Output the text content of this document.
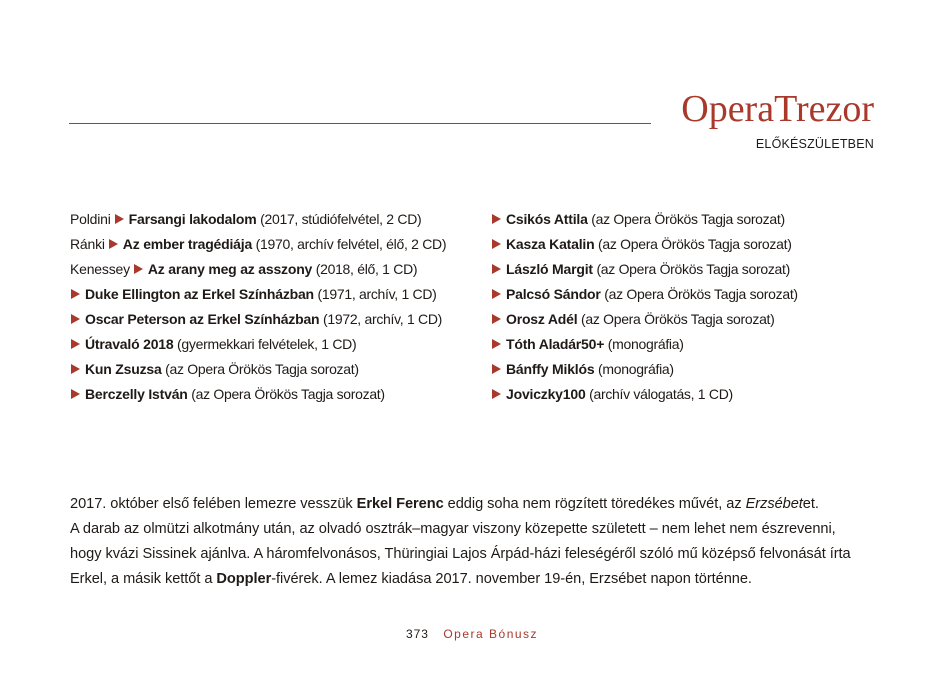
OperaTrezor
ELŐKÉSZÜLETBEN
Poldini Farsangi lakodalom (2017, stúdiófelvétel, 2 CD)
Ránki Az ember tragédiája (1970, archív felvétel, élő, 2 CD)
Kenessey Az arany meg az asszony (2018, élő, 1 CD)
Duke Ellington az Erkel Színházban (1971, archív, 1 CD)
Oscar Peterson az Erkel Színházban (1972, archív, 1 CD)
Útravaló 2018 (gyermekkari felvételek, 1 CD)
Kun Zsuzsa (az Opera Örökös Tagja sorozat)
Berczelly István (az Opera Örökös Tagja sorozat)
Csikós Attila (az Opera Örökös Tagja sorozat)
Kasza Katalin (az Opera Örökös Tagja sorozat)
László Margit (az Opera Örökös Tagja sorozat)
Palcsó Sándor (az Opera Örökös Tagja sorozat)
Orosz Adél (az Opera Örökös Tagja sorozat)
Tóth Aladár50+ (monográfia)
Bánffy Miklós (monográfia)
Joviczky100 (archív válogatás, 1 CD)
2017. október első felében lemezre vesszük Erkel Ferenc eddig soha nem rögzített töredékes művét, az Erzsébetet.
A darab az olmützi alkotmány után, az olvadó osztrák–magyar viszony közepette született – nem lehet nem észrevenni,
hogy kvázi Sissinek ajánlva. A háromfelvonásos, Thüringiai Lajos Árpád-házi feleségéről szóló mű középső felvonását írta
Erkel, a másik kettőt a Doppler-fivérek. A lemez kiadása 2017. november 19-én, Erzsébet napon történne.
373 Opera Bónusz
